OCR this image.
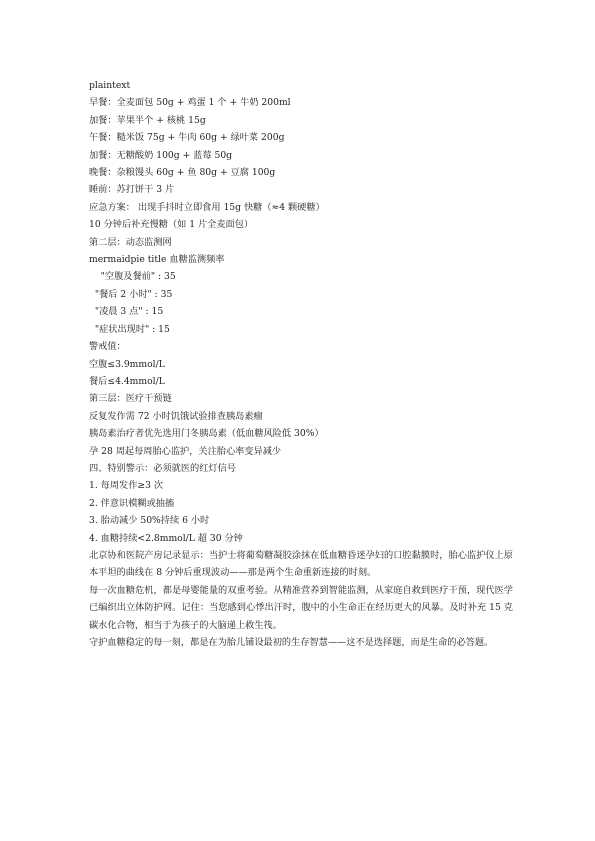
plaintext
早餐：全麦面包 50g + 鸡蛋 1 个 + 牛奶 200ml
加餐：苹果半个 + 核桃 15g
午餐：糙米饭 75g + 牛肉 60g + 绿叶菜 200g
加餐：无糖酸奶 100g + 蓝莓 50g
晚餐：杂粮馒头 60g + 鱼 80g + 豆腐 100g
睡前：苏打饼干 3 片
应急方案： 出现手抖时立即食用 15g 快糖（≈4 颗硬糖）
10 分钟后补充慢糖（如 1 片全麦面包）
第二层：动态监测网
mermaidpie title 血糖监测频率
"空腹及餐前" : 35
"餐后 2 小时" : 35
"凌晨 3 点" : 15
"症状出现时" : 15
警戒值：
空腹≤3.9mmol/L
餐后≤4.4mmol/L
第三层：医疗干预链
反复发作需 72 小时饥饿试验排查胰岛素瘤
胰岛素治疗者优先选用门冬胰岛素（低血糖风险低 30%）
孕 28 周起每周胎心监护，关注胎心率变异减少
四、特别警示：必须就医的红灯信号
1. 每周发作≥3 次
2. 伴意识模糊或抽搐
3. 胎动减少 50%持续 6 小时
4. 血糖持续<2.8mmol/L 超 30 分钟
北京协和医院产房记录显示：当护士将葡萄糖凝胶涂抹在低血糖昏迷孕妇的口腔黏膜时，胎心监护仪上原本平坦的曲线在 8 分钟后重现波动——那是两个生命重新连接的时刻。
每一次血糖危机，都是母婴能量的双重考验。从精准营养到智能监测，从家庭自救到医疗干预，现代医学已编织出立体防护网。记住：当您感到心悸出汗时，腹中的小生命正在经历更大的风暴。及时补充 15 克碳水化合物，相当于为孩子的大脑递上救生筏。
守护血糖稳定的每一刻，都是在为胎儿铺设最初的生存智慧——这不是选择题，而是生命的必答题。
